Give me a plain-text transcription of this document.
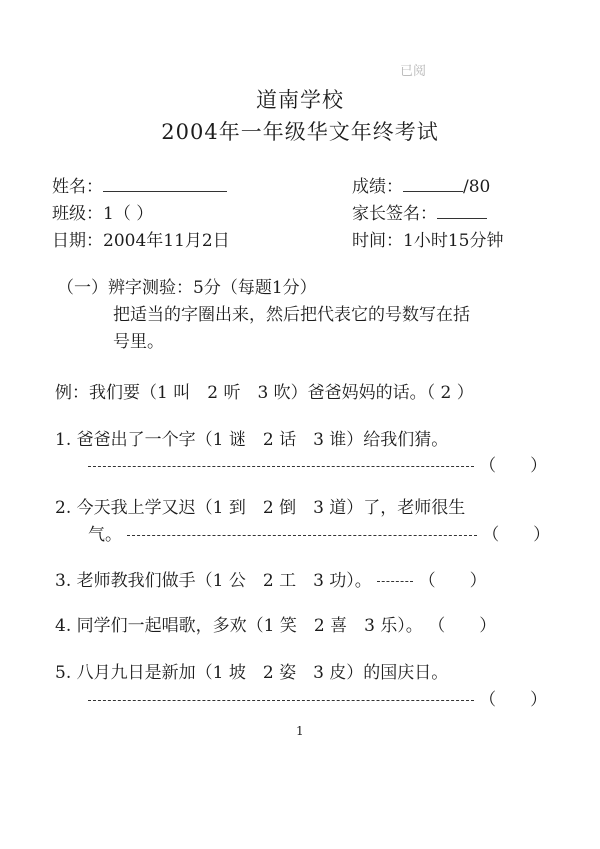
已阅
道南学校
2004年一年级华文年终考试
姓名：	成绩：	/80
班级：1（ ）	家长签名：
日期：2004年11月2日	时间：1小时15分钟
（一）辨字测验：5分（每题1分）
把适当的字圈出来，然后把代表它的号数写在括
号里。
例：我们要（1 叫　2 听　3 吹）爸爸妈妈的话。（ 2 ）
1. 爸爸出了一个字（1 谜　2 话　3 谁）给我们猜。
（　　）
2. 今天我上学又迟（1 到　2 倒　3 道）了，老师很生
气。	（　　）
3. 老师教我们做手（1 公　2 工　3 功）。	（　　）
4. 同学们一起唱歌，多欢（1 笑　2 喜　3 乐）。 （　　）
5. 八月九日是新加（1 坡　2 姿　3 皮）的国庆日。
（　　）
1
